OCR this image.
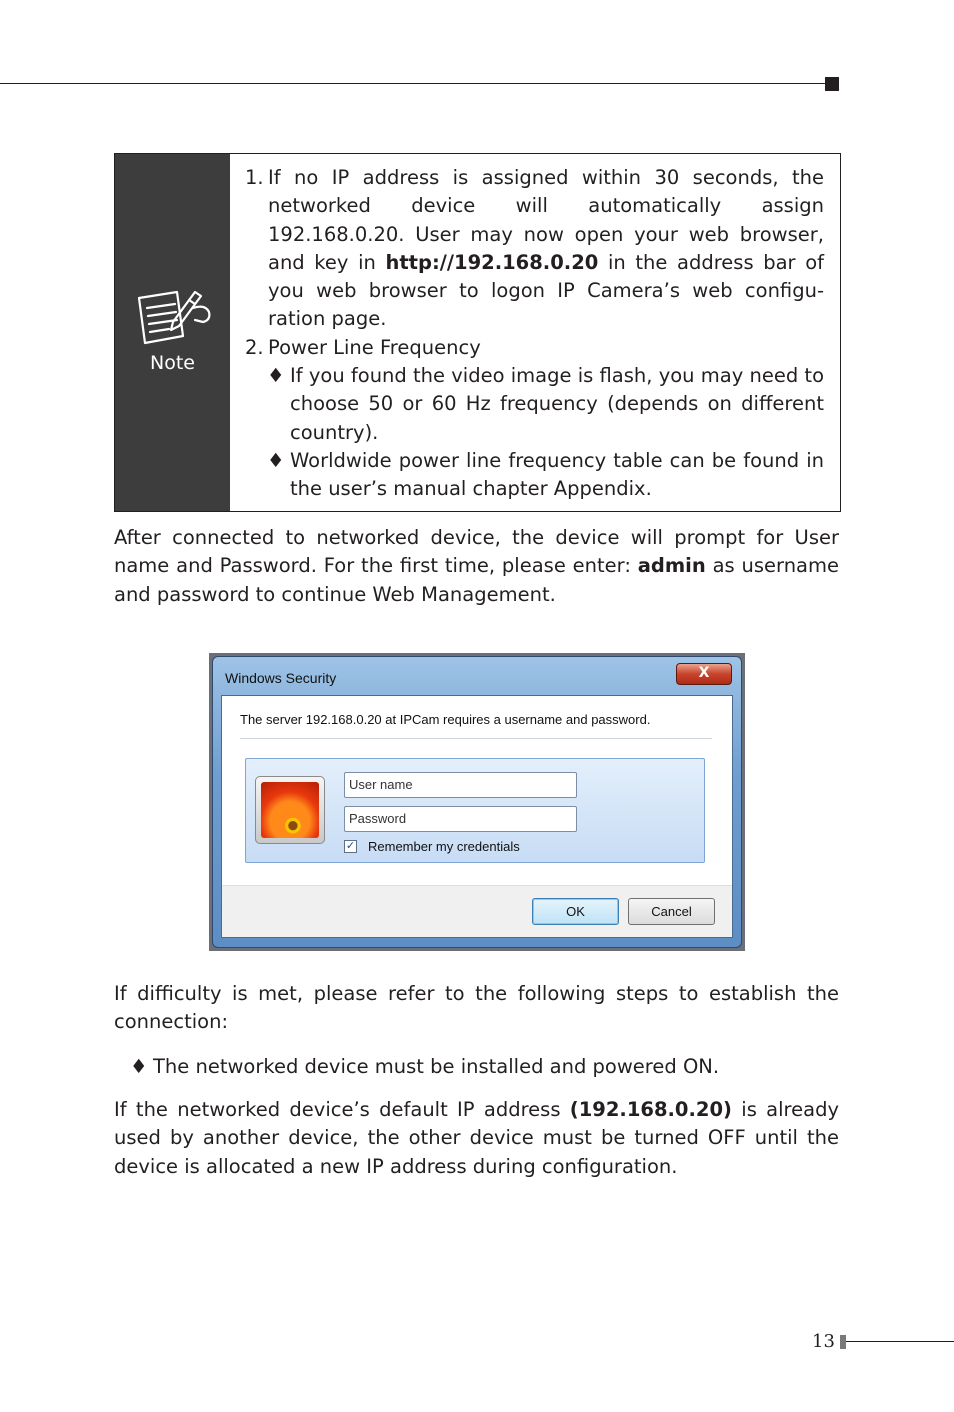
Note
1. If no IP address is assigned within 30 seconds, the networked device will automatically assign 192.168.0.20. User may now open your web browser, and key in http://192.168.0.20 in the address bar of you web browser to logon IP Camera’s web configu-ration page.
2. Power Line Frequency
♦ If you found the video image is flash, you may need to choose 50 or 60 Hz frequency (depends on different country).
♦ Worldwide power line frequency table can be found in the user’s manual chapter Appendix.
After connected to networked device, the device will prompt for User name and Password. For the first time, please enter: admin as username and password to continue Web Management.
Windows Security	X
The server 192.168.0.20 at IPCam requires a username and password.
User name
Password
✓ Remember my credentials
OK	Cancel
If difficulty is met, please refer to the following steps to establish the connection:
♦ The networked device must be installed and powered ON.
If the networked device’s default IP address (192.168.0.20) is already used by another device, the other device must be turned OFF until the device is allocated a new IP address during configuration.
13
